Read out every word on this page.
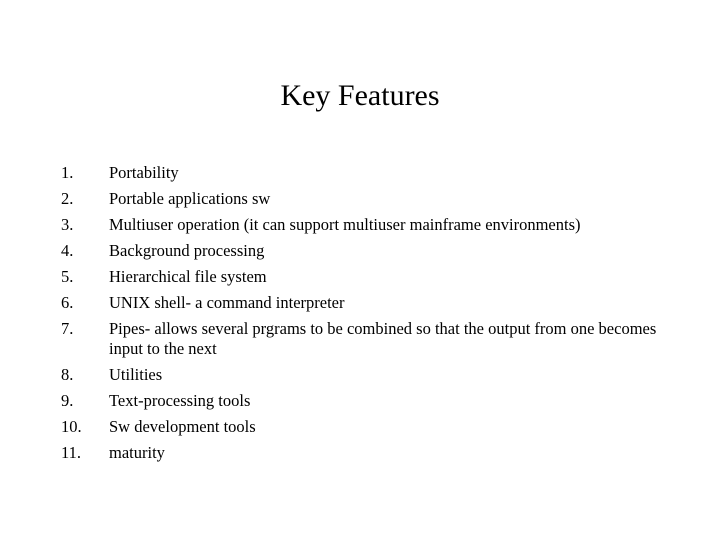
Key Features
1.	Portability
2.	Portable applications sw
3.	Multiuser operation (it can support multiuser mainframe environments)
4.	Background processing
5.	Hierarchical file system
6.	UNIX shell- a command interpreter
7.	Pipes- allows several prgrams to be combined so that the output from one becomes input to the next
8.	Utilities
9.	Text-processing tools
10.	Sw development tools
11.	maturity
